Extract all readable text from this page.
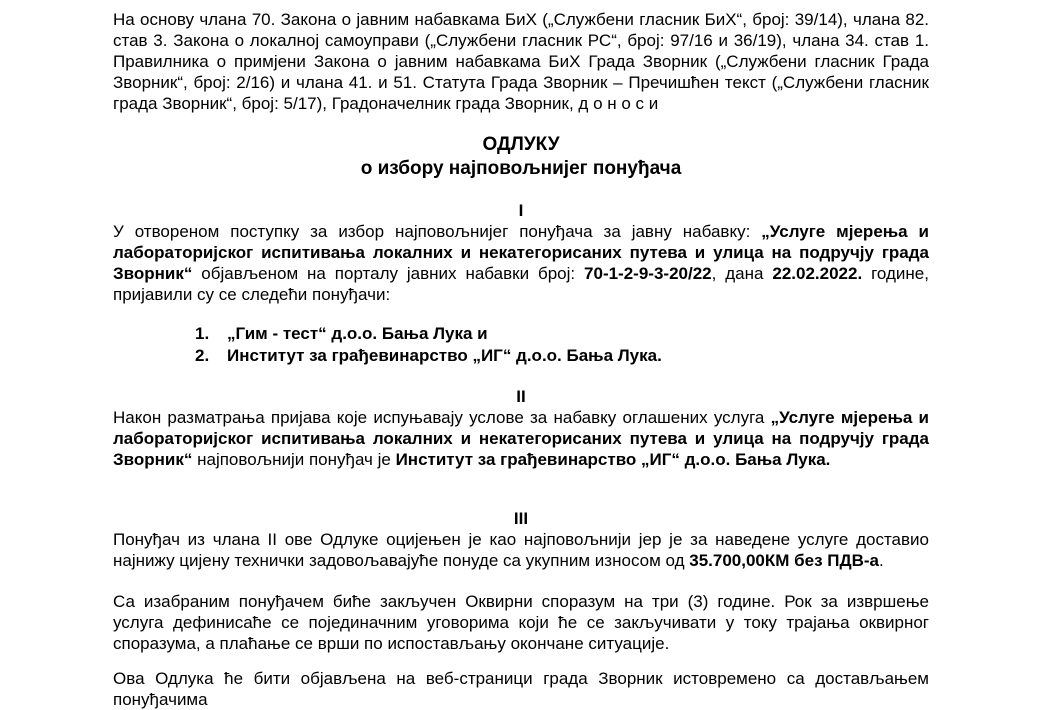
На основу члана 70. Закона о јавним набавкама БиХ („Службени гласник БиХ“, број: 39/14), члана 82. став 3. Закона о локалној самоуправи („Службени гласник РС“, број: 97/16 и 36/19), члана 34. став 1. Правилника о примјени Закона о јавним набавкама БиХ Града Зворник („Службени гласник Града Зворник“, број: 2/16) и члана 41. и 51. Статута Града Зворник – Пречишћен текст („Службени гласник града Зворник“, број: 5/17), Градоначелник града Зворник, д о н о с и

ОДЛУКУ
о избору најповољнијег понуђача

I

У отвореном поступку за избор најповољнијег понуђача за јавну набавку: „Услуге мјерења и лабораторијског испитивања локалних и некатегорисаних путева и улица на подручју града Зворник“ објављеном на порталу јавних набавки број: 70-1-2-9-3-20/22, дана 22.02.2022. године, пријавили су се следећи понуђачи:

1.	„Гим - тест“ д.о.о. Бања Лука и
2.	Институт за грађевинарство „ИГ“ д.о.о. Бања Лука.

II

Након разматрања пријава које испуњавају услове за набавку оглашених услуга „Услуге мјерења и лабораторијског испитивања локалних и некатегорисаних путева и улица на подручју града Зворник“ најповољнији понуђач је Институт за грађевинарство „ИГ“ д.о.о. Бања Лука.

III

Понуђач из члана II ове Одлуке оцијењен је као најповољнији јер је за наведене услуге доставио најнижу цијену технички задовољавајуће понуде са укупним износом од 35.700,00КМ без ПДВ-а.

Са изабраним понуђачем биће закључен Оквирни споразум на три (3) године. Рок за извршење услуга дефинисаће се појединачним уговорима који ће се закључивати у току трајања оквирног споразума, а плаћање се врши по испостављању окончане ситуације.

Ова Одлука ће бити објављена на веб-страници града Зворник истовремено са достављањем понуђачима
